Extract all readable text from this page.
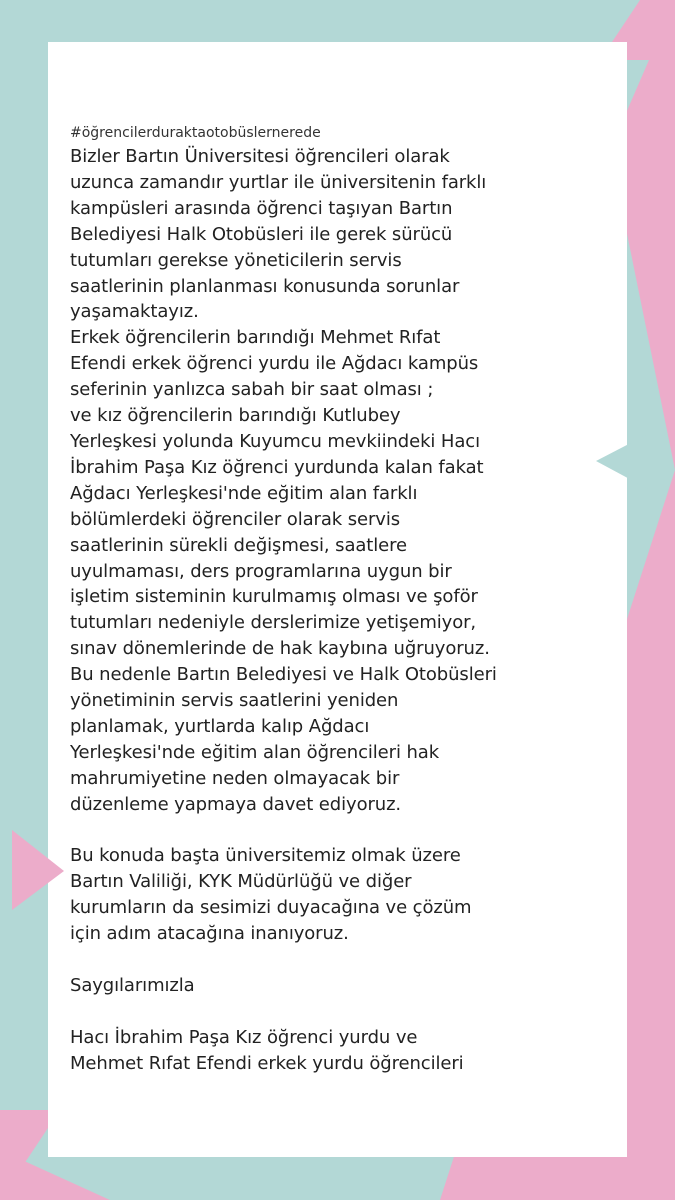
#öğrencilerduraktaotobüslernerede

Bizler Bartın Üniversitesi öğrencileri olarak

uzunca zamandır yurtlar ile üniversitenin farklı

kampüsleri arasında öğrenci taşıyan Bartın

Belediyesi Halk Otobüsleri ile gerek sürücü

tutumları gerekse yöneticilerin servis

saatlerinin planlanması konusunda sorunlar

yaşamaktayız.

Erkek öğrencilerin barındığı Mehmet Rıfat

Efendi erkek öğrenci yurdu ile Ağdacı kampüs

seferinin yanlızca sabah bir saat olması ;

ve kız öğrencilerin barındığı Kutlubey

Yerleşkesi yolunda Kuyumcu mevkiindeki Hacı

İbrahim Paşa Kız öğrenci yurdunda kalan fakat

Ağdacı Yerleşkesi'nde eğitim alan farklı

bölümlerdeki öğrenciler olarak servis

saatlerinin sürekli değişmesi, saatlere

uyulmaması, ders programlarına uygun bir

işletim sisteminin kurulmamış olması ve şoför

tutumları nedeniyle derslerimize yetişemiyor,

sınav dönemlerinde de hak kaybına uğruyoruz.

Bu nedenle Bartın Belediyesi ve Halk Otobüsleri

yönetiminin servis saatlerini yeniden

planlamak, yurtlarda kalıp Ağdacı

Yerleşkesi'nde eğitim alan öğrencileri hak

mahrumiyetine neden olmayacak bir

düzenleme yapmaya davet ediyoruz.

Bu konuda başta üniversitemiz olmak üzere

Bartın Valiliği, KYK Müdürlüğü ve diğer

kurumların da sesimizi duyacağına ve çözüm

için adım atacağına inanıyoruz.

Saygılarımızla

Hacı İbrahim Paşa Kız öğrenci yurdu ve

Mehmet Rıfat Efendi erkek yurdu öğrencileri
